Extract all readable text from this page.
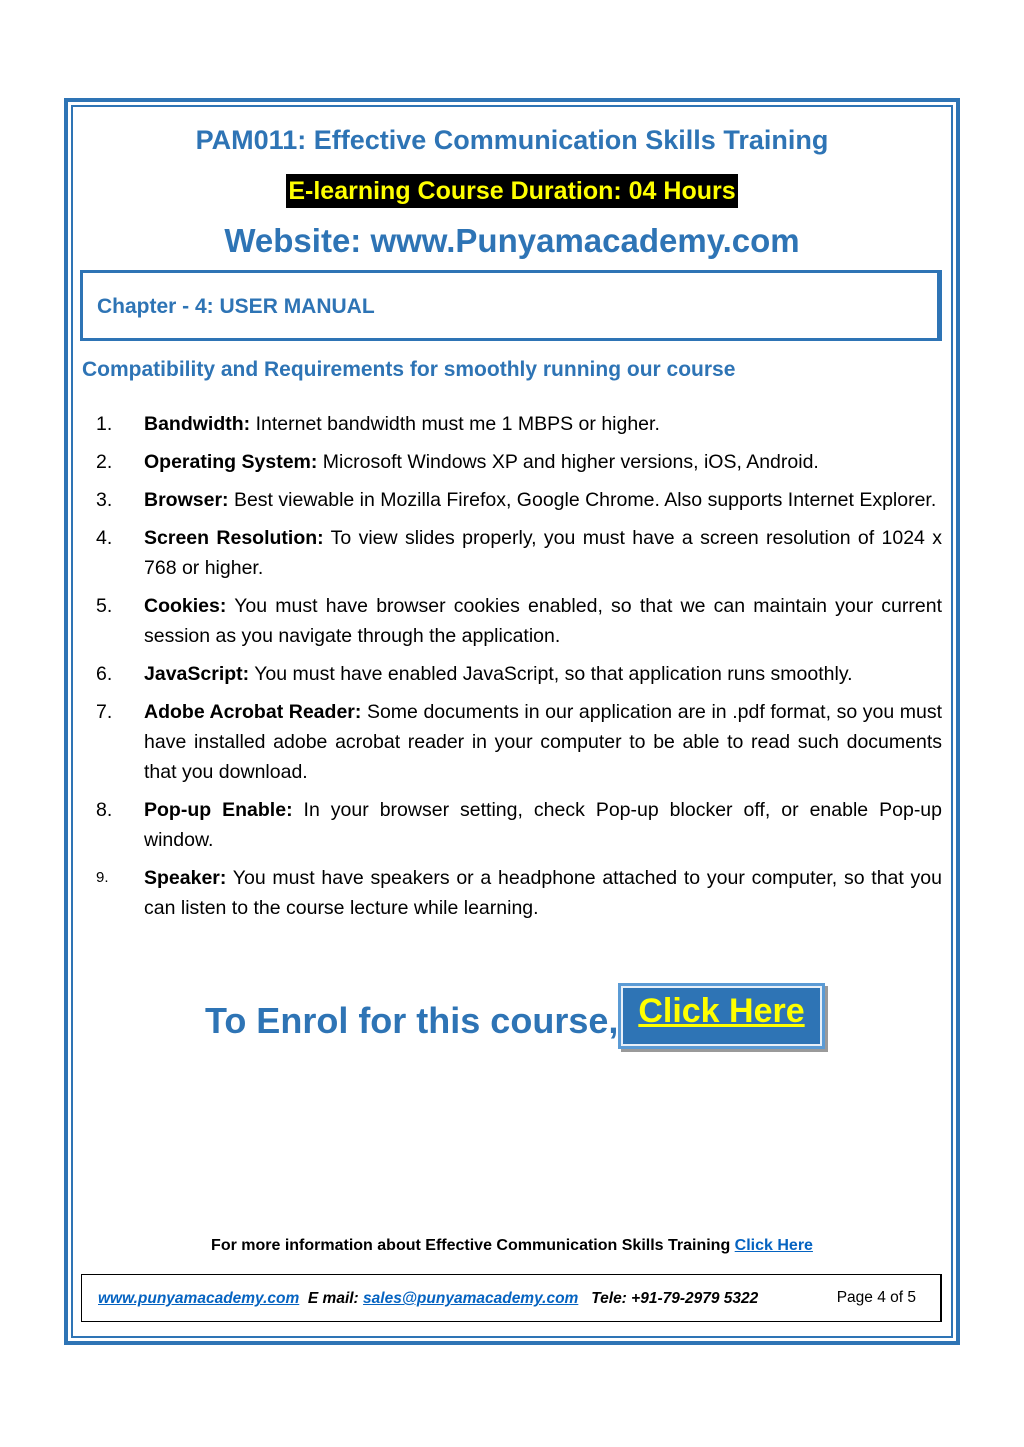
PAM011: Effective Communication Skills Training
E-learning Course Duration: 04 Hours
Website: www.Punyamacademy.com
Chapter - 4: USER MANUAL
Compatibility and Requirements for smoothly running our course
1.	Bandwidth: Internet bandwidth must me 1 MBPS or higher.
2.	Operating System: Microsoft Windows XP and higher versions, iOS, Android.
3.	Browser: Best viewable in Mozilla Firefox, Google Chrome. Also supports Internet Explorer.
4.	Screen Resolution: To view slides properly, you must have a screen resolution of 1024 x 768 or higher.
5.	Cookies: You must have browser cookies enabled, so that we can maintain your current session as you navigate through the application.
6.	JavaScript: You must have enabled JavaScript, so that application runs smoothly.
7.	Adobe Acrobat Reader: Some documents in our application are in .pdf format, so you must have installed adobe acrobat reader in your computer to be able to read such documents that you download.
8.	Pop-up Enable: In your browser setting, check Pop-up blocker off, or enable Pop-up window.
9.	Speaker: You must have speakers or a headphone attached to your computer, so that you can listen to the course lecture while learning.
To Enrol for this course, Click Here
For more information about Effective Communication Skills Training Click Here
www.punyamacademy.com  E mail: sales@punyamacademy.com   Tele: +91-79-2979 5322	Page 4 of 5
